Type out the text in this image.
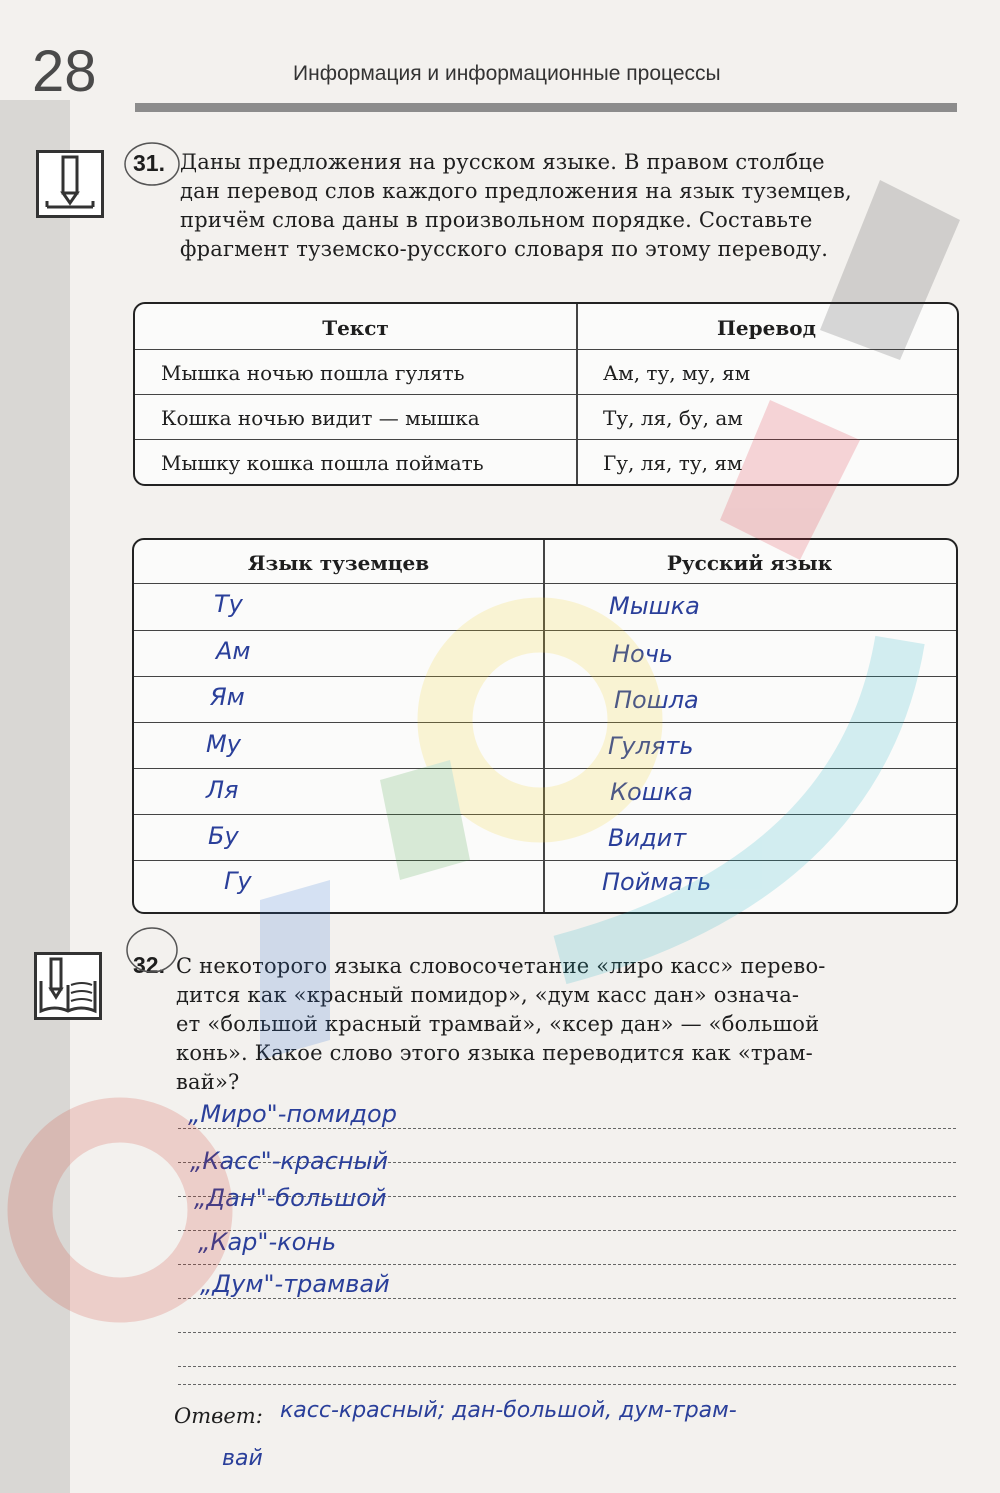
28	Информация и информационные процессы
31. Даны предложения на русском языке. В правом столбце
дан перевод слов каждого предложения на язык туземцев,
причём слова даны в произвольном порядке. Составьте
фрагмент туземско-русского словаря по этому переводу.
Текст	Перевод
Мышка ночью пошла гулять	Ам, ту, му, ям
Кошка ночью видит — мышка	Ту, ля, бу, ам
Мышку кошка пошла поймать	Гу, ля, ту, ям
Язык туземцев	Русский язык
Ту	Мышка
Ам	Ночь
Ям	Пошла
Му	Гулять
Ля	Кошка
Бу	Видит
Гу	Поймать
32. С некоторого языка словосочетание «лиро касс» перево-
дится как «красный помидор», «дум касс дан» означа-
ет «большой красный трамвай», «ксер дан» — «большой
конь». Какое слово этого языка переводится как «трам-
вай»?
„Миро"-помидор
„Касс"-красный
„Дан"-большой
„Кар"-конь
„Дум"-трамвай
Ответ: касс-красный; дан-большой, дум-трам-
вай
